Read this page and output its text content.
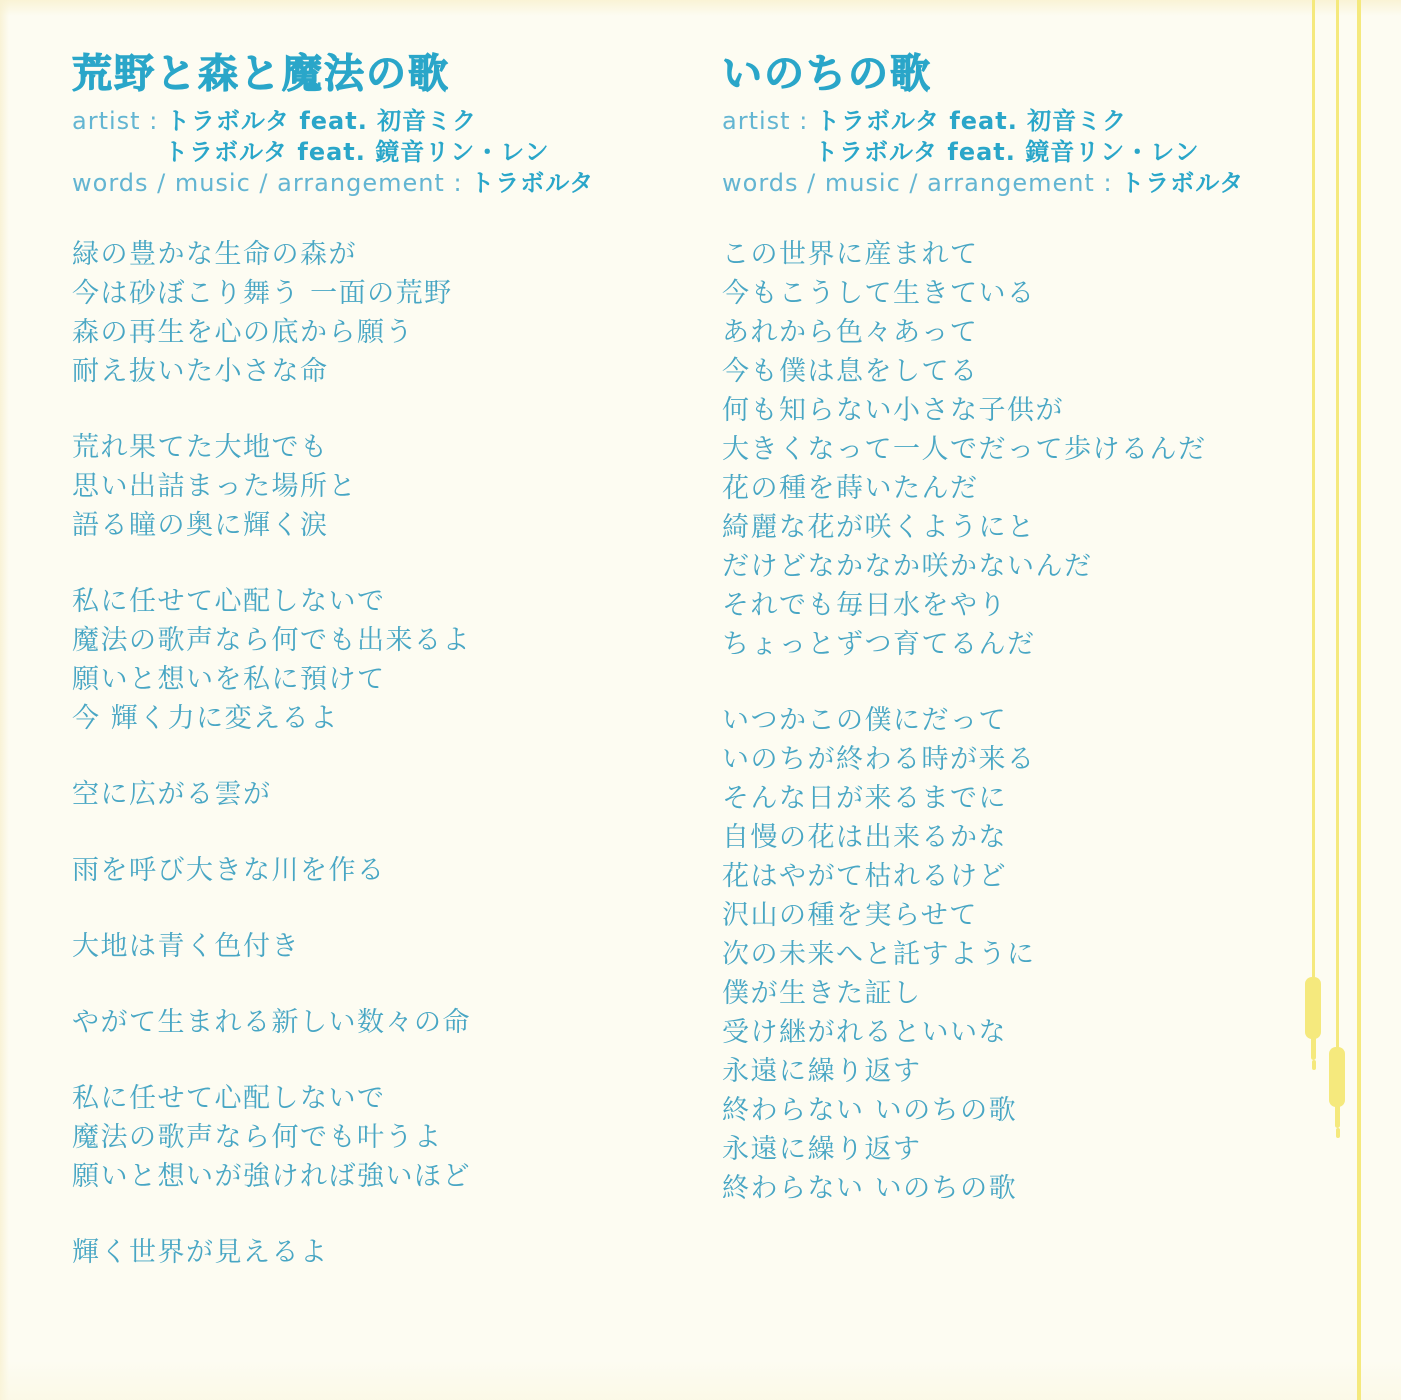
荒野と森と魔法の歌
artist : トラボルタ feat. 初音ミク
トラボルタ feat. 鏡音リン・レン
words / music / arrangement : トラボルタ
緑の豊かな生命の森が
今は砂ぼこり舞う 一面の荒野
森の再生を心の底から願う
耐え抜いた小さな命
荒れ果てた大地でも
思い出詰まった場所と
語る瞳の奥に輝く涙
私に任せて心配しないで
魔法の歌声なら何でも出来るよ
願いと想いを私に預けて
今 輝く力に変えるよ
空に広がる雲が
雨を呼び大きな川を作る
大地は青く色付き
やがて生まれる新しい数々の命
私に任せて心配しないで
魔法の歌声なら何でも叶うよ
願いと想いが強ければ強いほど
輝く世界が見えるよ
いのちの歌
artist : トラボルタ feat. 初音ミク
トラボルタ feat. 鏡音リン・レン
words / music / arrangement : トラボルタ
この世界に産まれて
今もこうして生きている
あれから色々あって
今も僕は息をしてる
何も知らない小さな子供が
大きくなって一人でだって歩けるんだ
花の種を蒔いたんだ
綺麗な花が咲くようにと
だけどなかなか咲かないんだ
それでも毎日水をやり
ちょっとずつ育てるんだ
いつかこの僕にだって
いのちが終わる時が来る
そんな日が来るまでに
自慢の花は出来るかな
花はやがて枯れるけど
沢山の種を実らせて
次の未来へと託すように
僕が生きた証し
受け継がれるといいな
永遠に繰り返す
終わらない いのちの歌
永遠に繰り返す
終わらない いのちの歌
